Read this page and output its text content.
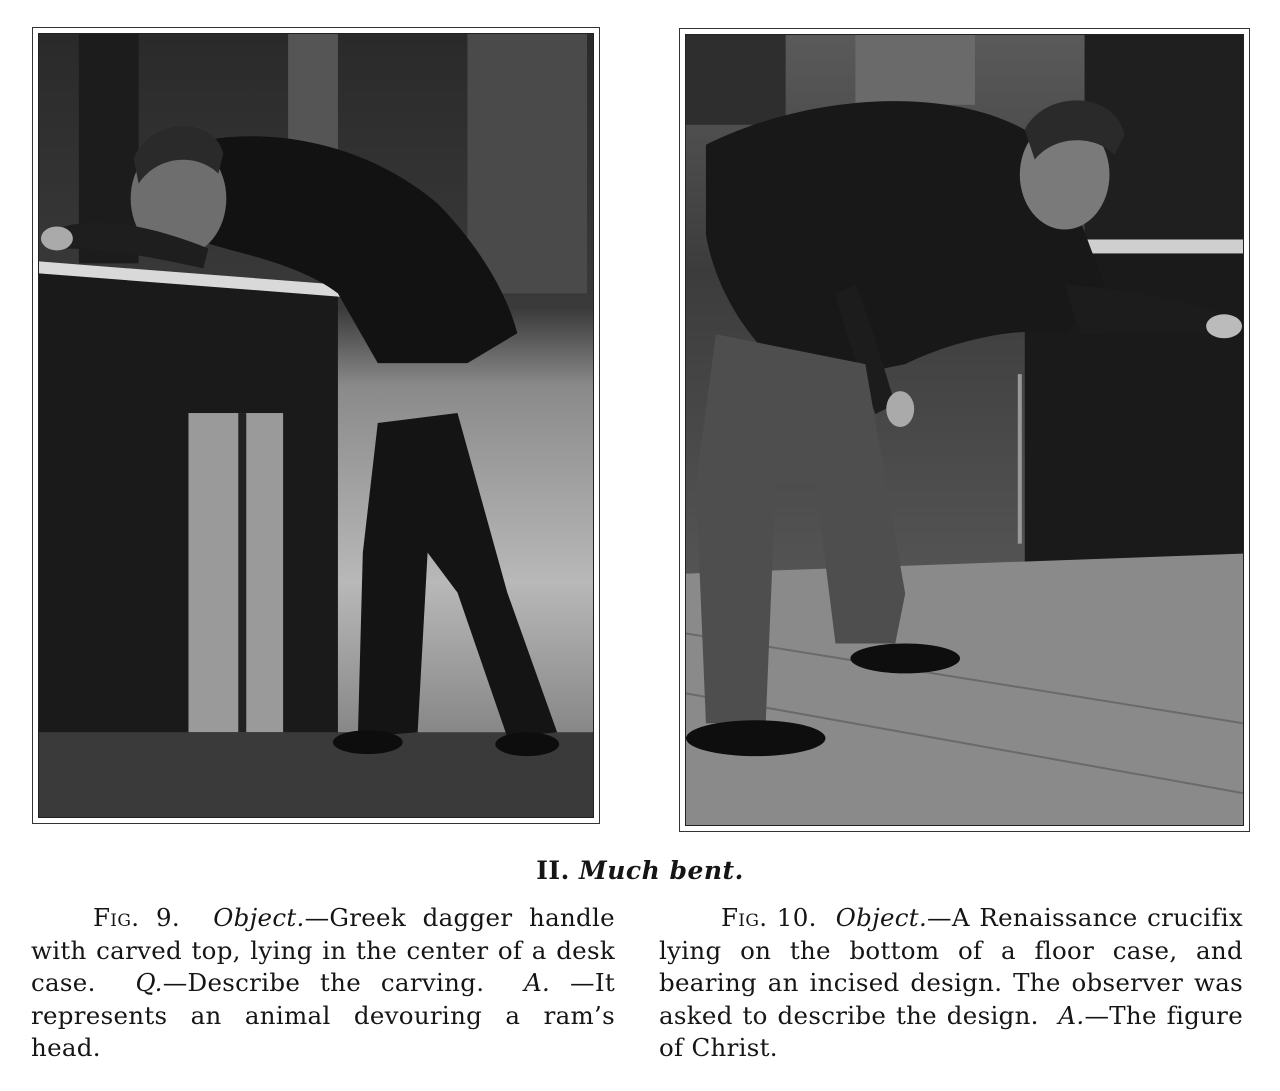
II. Much bent.
Fig. 9. Object.—Greek dagger handle with carved top, lying in the center of a desk case. Q.—Describe the carving. A. —It represents an animal devouring a ram’s head.
Fig. 10. Object.—A Renaissance crucifix lying on the bottom of a floor case, and bearing an incised design. The observer was asked to describe the design. A.—The figure of Christ.
